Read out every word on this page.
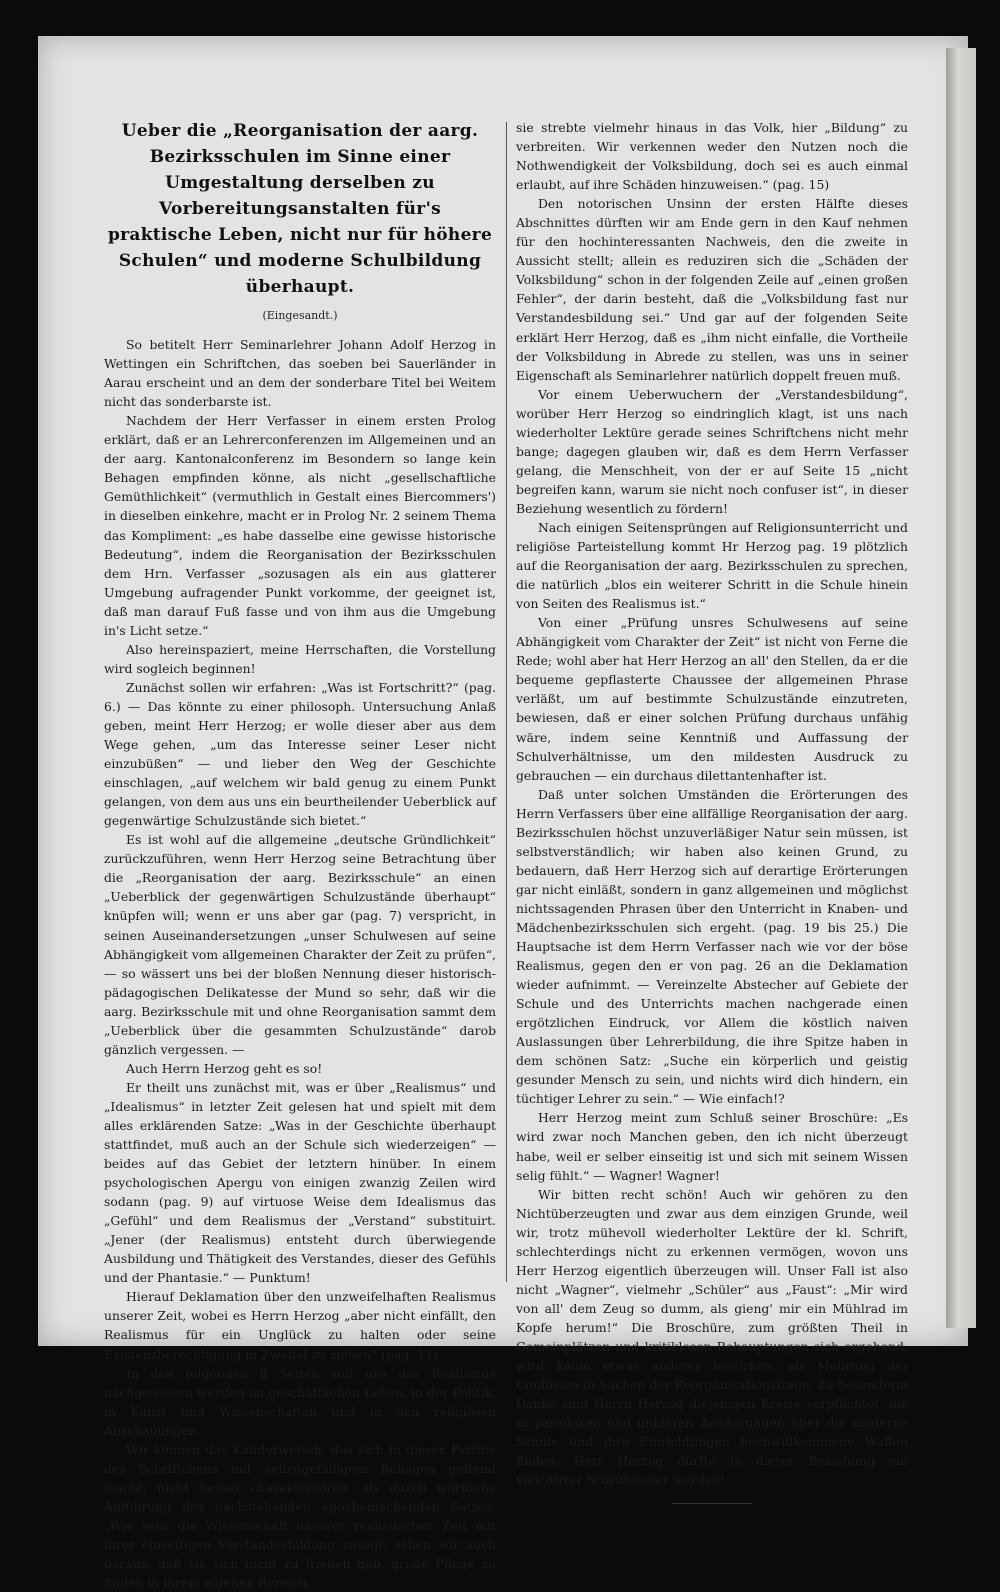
Ueber die „Reorganisation der aarg. Bezirksschulen im Sinne einer Umgestaltung derselben zu Vorbereitungsanstalten für's praktische Leben, nicht nur für höhere Schulen“ und moderne Schulbildung überhaupt.
(Eingesandt.)

So betitelt Herr Seminarlehrer Johann Adolf Herzog in Wettingen ein Schriftchen, das soeben bei Sauerländer in Aarau erscheint und an dem der sonderbare Titel bei Weitem nicht das sonderbarste ist.

Nachdem der Herr Verfasser in einem ersten Prolog erklärt, daß er an Lehrerconferenzen im Allgemeinen und an der aarg. Kantonalconferenz im Besondern so lange kein Behagen empfinden könne, als nicht „gesellschaftliche Gemüthlichkeit“ (vermuthlich in Gestalt eines Biercommers') in dieselben einkehre, macht er in Prolog Nr. 2 seinem Thema das Kompliment: „es habe dasselbe eine gewisse historische Bedeutung“, indem die Reorganisation der Bezirksschulen dem Hrn. Verfasser „sozusagen als ein aus glatterer Umgebung aufragender Punkt vorkomme, der geeignet ist, daß man darauf Fuß fasse und von ihm aus die Umgebung in's Licht setze.“

Also hereinspaziert, meine Herrschaften, die Vorstellung wird sogleich beginnen!

Zunächst sollen wir erfahren: „Was ist Fortschritt?“ (pag. 6.) — Das könnte zu einer philosoph. Untersuchung Anlaß geben, meint Herr Herzog; er wolle dieser aber aus dem Wege gehen, „um das Interesse seiner Leser nicht einzubüßen“ — und lieber den Weg der Geschichte einschlagen, „auf welchem wir bald genug zu einem Punkt gelangen, von dem aus uns ein beurtheilender Ueberblick auf gegenwärtige Schulzustände sich bietet.“

Es ist wohl auf die allgemeine „deutsche Gründlichkeit“ zurückzuführen, wenn Herr Herzog seine Betrachtung über die „Reorganisation der aarg. Bezirksschule“ an einen „Ueberblick der gegenwärtigen Schulzustände überhaupt“ knüpfen will; wenn er uns aber gar (pag. 7) verspricht, in seinen Auseinandersetzungen „unser Schulwesen auf seine Abhängigkeit vom allgemeinen Charakter der Zeit zu prüfen“, — so wässert uns bei der bloßen Nennung dieser historisch-pädagogischen Delikatesse der Mund so sehr, daß wir die aarg. Bezirksschule mit und ohne Reorganisation sammt dem „Ueberblick über die gesammten Schulzustände“ darob gänzlich vergessen. —

Auch Herrn Herzog geht es so!

Er theilt uns zunächst mit, was er über „Realismus“ und „Idealismus“ in letzter Zeit gelesen hat und spielt mit dem alles erklärenden Satze: „Was in der Geschichte überhaupt stattfindet, muß auch an der Schule sich wiederzeigen“ — beides auf das Gebiet der letztern hinüber. In einem psychologischen Apergu von einigen zwanzig Zeilen wird sodann (pag. 9) auf virtuose Weise dem Idealismus das „Gefühl“ und dem Realismus der „Verstand“ substituirt. „Jener (der Realismus) entsteht durch überwiegende Ausbildung und Thätigkeit des Verstandes, dieser des Gefühls und der Phantasie.“ — Punktum!

Hierauf Deklamation über den unzweifelhaften Realismus unserer Zeit, wobei es Herrn Herzog „aber nicht einfällt, den Realismus für ein Unglück zu halten oder seine Existenzberechtigung in Zweifel zu ziehen“ (pag. 11).

In den folgenden 8 Seiten soll uns der Realismus nachgewiesen werden im geschäftlichen Leben, in der Politik, in Kunst und Wissenschaften und in den religiösen Anschauungen.

Wir können das Kauderwelsch, das sich in dieser Parthie des Schriftchens mit selbstgefälligem Behagen geltend macht, nicht besser charakterisiren, als durch wörtliche Anführung des nachstehenden epochemachenden Satzes: „Wie sehr die Wissenschaft unserer realistischen Zeit mit ihrer einseitigen Verstandesbildung zusagt, sehen wir auch daraus, daß sie sich nicht zu frieden gab, große Pflege zu finden in ihrem eigenen Bereich,

sie strebte vielmehr hinaus in das Volk, hier „Bildung“ zu verbreiten. Wir verkennen weder den Nutzen noch die Nothwendigkeit der Volksbildung, doch sei es auch einmal erlaubt, auf ihre Schäden hinzuweisen.“ (pag. 15)

Den notorischen Unsinn der ersten Hälfte dieses Abschnittes dürften wir am Ende gern in den Kauf nehmen für den hochinteressanten Nachweis, den die zweite in Aussicht stellt; allein es reduziren sich die „Schäden der Volksbildung“ schon in der folgenden Zeile auf „einen großen Fehler“, der darin besteht, daß die „Volksbildung fast nur Verstandesbildung sei.“ Und gar auf der folgenden Seite erklärt Herr Herzog, daß es „ihm nicht einfalle, die Vortheile der Volksbildung in Abrede zu stellen, was uns in seiner Eigenschaft als Seminarlehrer natürlich doppelt freuen muß.

Vor einem Ueberwuchern der „Verstandesbildung“, worüber Herr Herzog so eindringlich klagt, ist uns nach wiederholter Lektüre gerade seines Schriftchens nicht mehr bange; dagegen glauben wir, daß es dem Herrn Verfasser gelang, die Menschheit, von der er auf Seite 15 „nicht begreifen kann, warum sie nicht noch confuser ist“, in dieser Beziehung wesentlich zu fördern!

Nach einigen Seitensprüngen auf Religionsunterricht und religiöse Parteistellung kommt Hr Herzog pag. 19 plötzlich auf die Reorganisation der aarg. Bezirksschulen zu sprechen, die natürlich „blos ein weiterer Schritt in die Schule hinein von Seiten des Realismus ist.“

Von einer „Prüfung unsres Schulwesens auf seine Abhängigkeit vom Charakter der Zeit“ ist nicht von Ferne die Rede; wohl aber hat Herr Herzog an all' den Stellen, da er die bequeme gepflasterte Chaussee der allgemeinen Phrase verläßt, um auf bestimmte Schulzustände einzutreten, bewiesen, daß er einer solchen Prüfung durchaus unfähig wäre, indem seine Kenntniß und Auffassung der Schulverhältnisse, um den mildesten Ausdruck zu gebrauchen — ein durchaus dilettantenhafter ist.

Daß unter solchen Umständen die Erörterungen des Herrn Verfassers über eine allfällige Reorganisation der aarg. Bezirksschulen höchst unzuverläßiger Natur sein müssen, ist selbstverständlich; wir haben also keinen Grund, zu bedauern, daß Herr Herzog sich auf derartige Erörterungen gar nicht einläßt, sondern in ganz allgemeinen und möglichst nichtssagenden Phrasen über den Unterricht in Knaben- und Mädchenbezirksschulen sich ergeht. (pag. 19 bis 25.) Die Hauptsache ist dem Herrn Verfasser nach wie vor der böse Realismus, gegen den er von pag. 26 an die Deklamation wieder aufnimmt. — Vereinzelte Abstecher auf Gebiete der Schule und des Unterrichts machen nachgerade einen ergötzlichen Eindruck, vor Allem die köstlich naiven Auslassungen über Lehrerbildung, die ihre Spitze haben in dem schönen Satz: „Suche ein körperlich und geistig gesunder Mensch zu sein, und nichts wird dich hindern, ein tüchtiger Lehrer zu sein.“ — Wie einfach!?

Herr Herzog meint zum Schluß seiner Broschüre: „Es wird zwar noch Manchen geben, den ich nicht überzeugt habe, weil er selber einseitig ist und sich mit seinem Wissen selig fühlt.“ — Wagner! Wagner!

Wir bitten recht schön! Auch wir gehören zu den Nichtüberzeugten und zwar aus dem einzigen Grunde, weil wir, trotz mühevoll wiederholter Lektüre der kl. Schrift, schlechterdings nicht zu erkennen vermögen, wovon uns Herr Herzog eigentlich überzeugen will. Unser Fall ist also nicht „Wagner“, vielmehr „Schüler“ aus „Faust“: „Mir wird von all' dem Zeug so dumm, als gieng' mir ein Mühlrad im Kopfe herum!“ Die Broschüre, zum größten Theil in Gemeinplätzen und kritiklosen Behauptungen sich ergehend, wird kaum etwas anderes bewirken, als Mehrung der Confusion in Sachen der Reorganisationsfrage. Zu besonderm Danke sind Herrn Herzog diejenigen Kreise verpflichtet, die in paradoxen und unklaren Aeußerungen über die moderne Schule und ihre Einrichtungen hochwillkommene Waffen finden: Herr Herzog dürfte in dieser Beziehung ein vielcitirter Schriftsteller werden!
